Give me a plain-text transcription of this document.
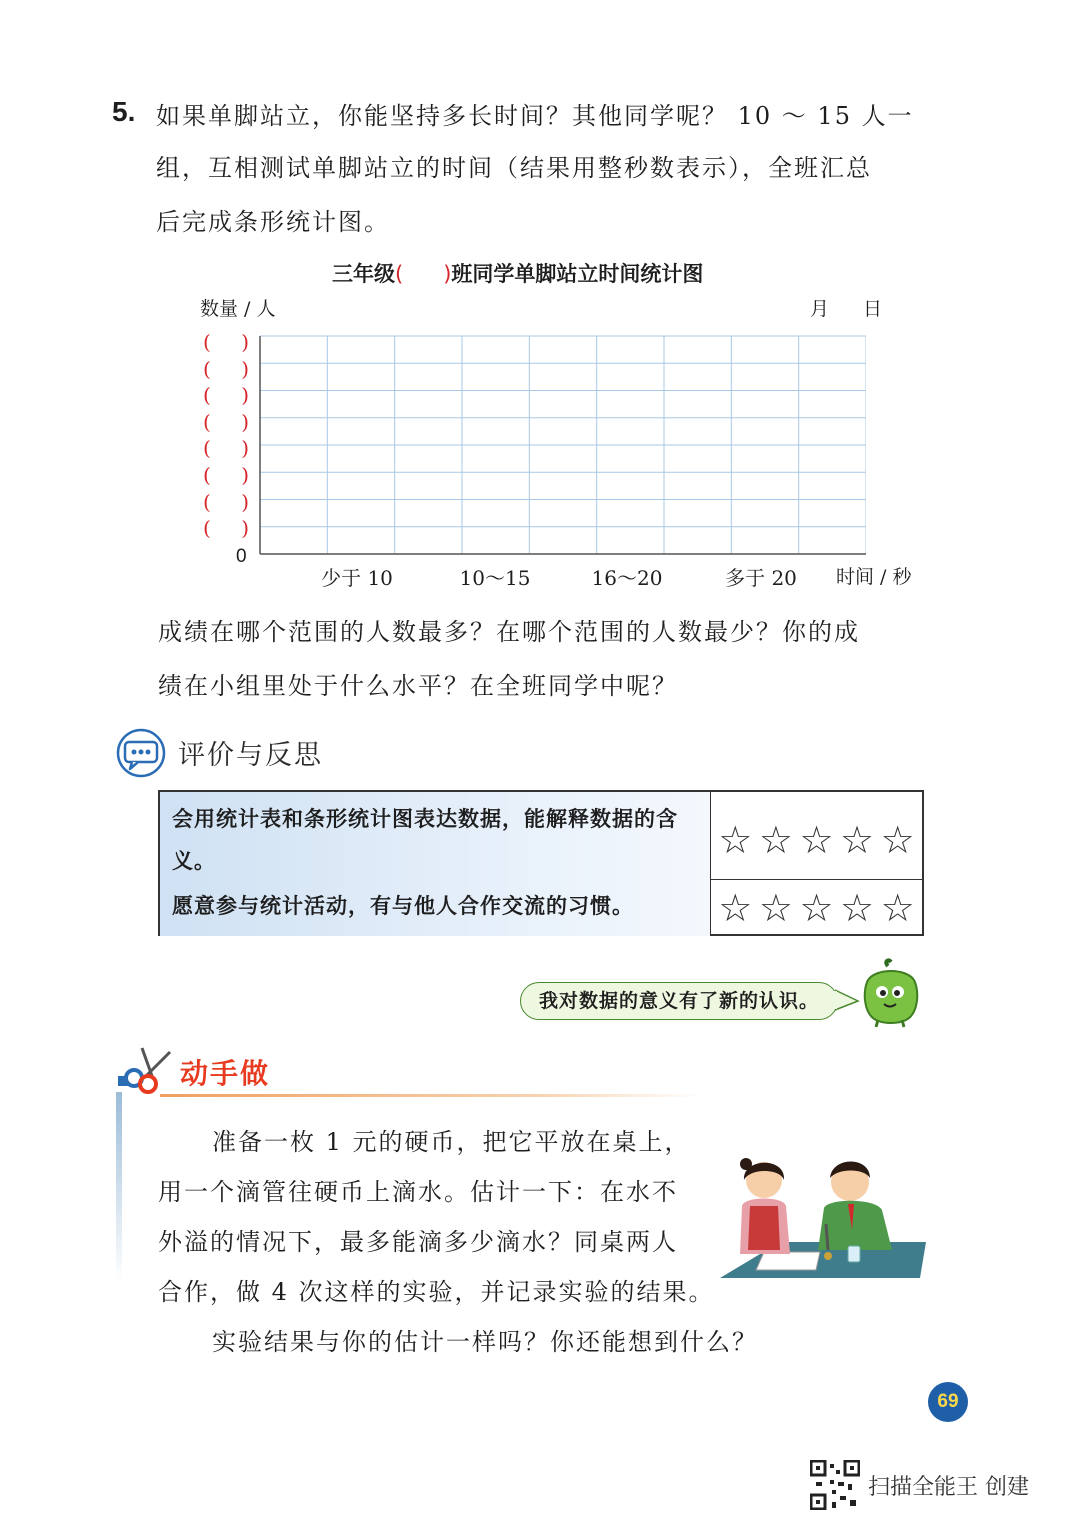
5. 如果单脚站立，你能坚持多长时间？其他同学呢？ 10 ～ 15 人一
组，互相测试单脚站立的时间（结果用整秒数表示），全班汇总
后完成条形统计图。
三年级( )班同学单脚站立时间统计图
数量 / 人	月 日
( )
( )
( )
( )
( )
( )
( )
( )
0
少于 10	10～15	16～20	多于 20	时间 / 秒
成绩在哪个范围的人数最多？在哪个范围的人数最少？你的成
绩在小组里处于什么水平？在全班同学中呢？
评价与反思
会用统计表和条形统计图表达数据，能解释数据的含义。	☆ ☆ ☆ ☆ ☆
愿意参与统计活动，有与他人合作交流的习惯。	☆ ☆ ☆ ☆ ☆
我对数据的意义有了新的认识。
动手做
准备一枚 1 元的硬币，把它平放在桌上，
用一个滴管往硬币上滴水。估计一下：在水不
外溢的情况下，最多能滴多少滴水？同桌两人
合作，做 4 次这样的实验，并记录实验的结果。
实验结果与你的估计一样吗？你还能想到什么？
69
扫描全能王 创建
